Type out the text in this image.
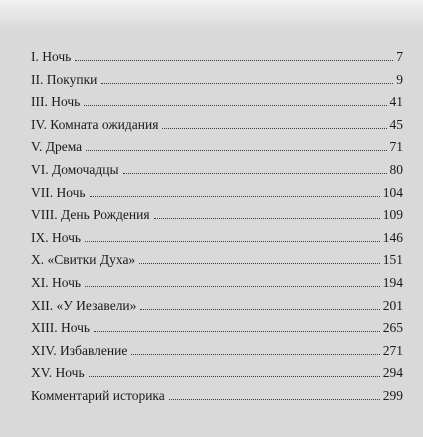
I. Ночь	7
II. Покупки	9
III. Ночь	41
IV. Комната ожидания	45
V. Дрема	71
VI. Домочадцы	80
VII. Ночь	104
VIII. День Рождения	109
IX. Ночь	146
X. «Свитки Духа»	151
XI. Ночь	194
XII. «У Иезавели»	201
XIII. Ночь	265
XIV. Избавление	271
XV. Ночь	294
Комментарий историка	299
